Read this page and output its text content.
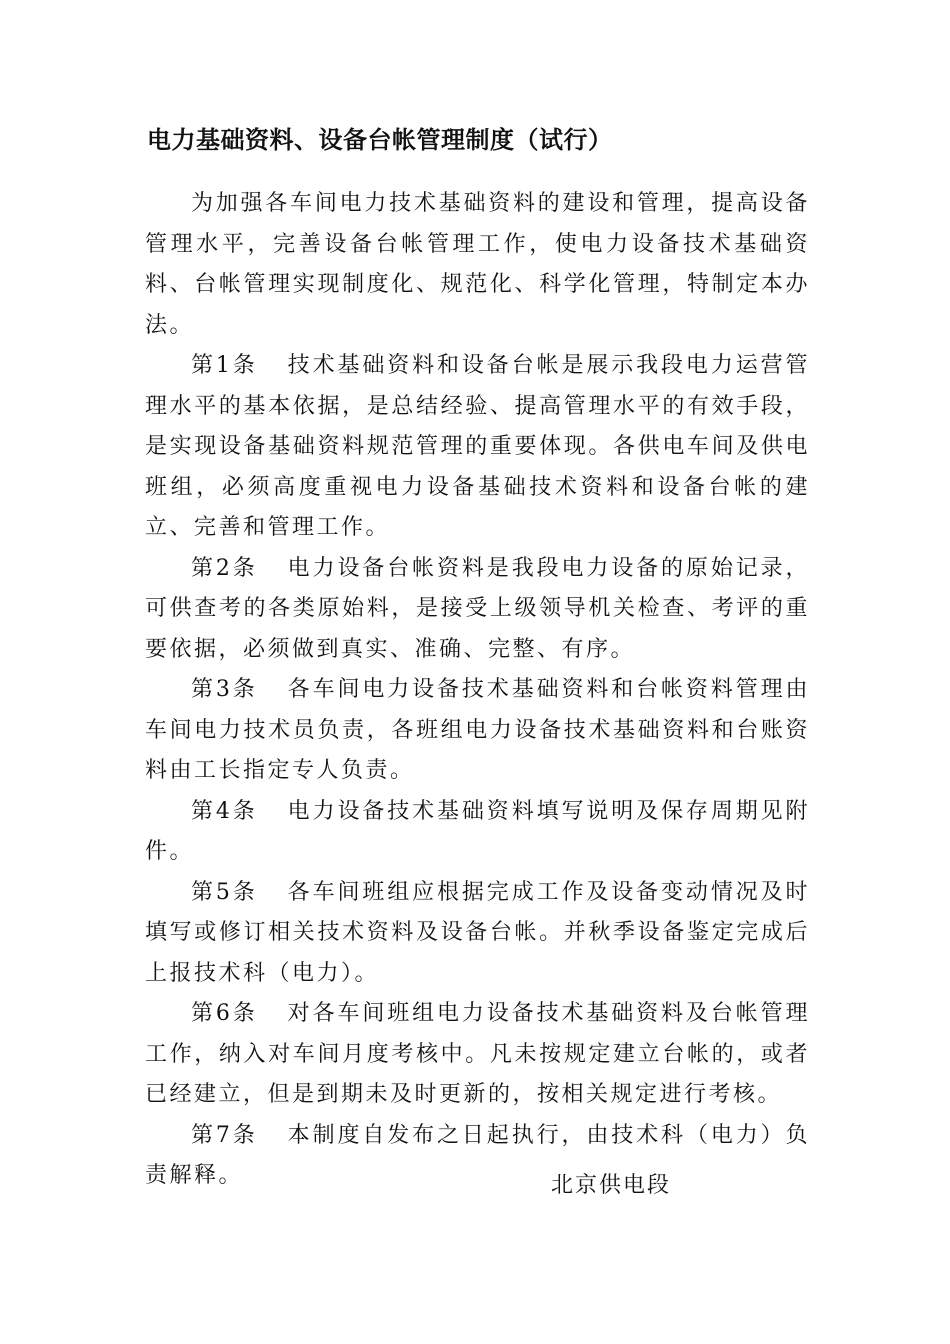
电力基础资料、设备台帐管理制度（试行）

为加强各车间电力技术基础资料的建设和管理，提高设备管理水平，完善设备台帐管理工作，使电力设备技术基础资料、台帐管理实现制度化、规范化、科学化管理，特制定本办法。

第1条 技术基础资料和设备台帐是展示我段电力运营管理水平的基本依据，是总结经验、提高管理水平的有效手段，是实现设备基础资料规范管理的重要体现。各供电车间及供电班组，必须高度重视电力设备基础技术资料和设备台帐的建立、完善和管理工作。

第2条 电力设备台帐资料是我段电力设备的原始记录，可供查考的各类原始料，是接受上级领导机关检查、考评的重要依据，必须做到真实、准确、完整、有序。

第3条 各车间电力设备技术基础资料和台帐资料管理由车间电力技术员负责，各班组电力设备技术基础资料和台账资料由工长指定专人负责。

第4条 电力设备技术基础资料填写说明及保存周期见附件。

第5条 各车间班组应根据完成工作及设备变动情况及时填写或修订相关技术资料及设备台帐。并秋季设备鉴定完成后上报技术科（电力）。

第6条 对各车间班组电力设备技术基础资料及台帐管理工作，纳入对车间月度考核中。凡未按规定建立台帐的，或者已经建立，但是到期未及时更新的，按相关规定进行考核。

第7条 本制度自发布之日起执行，由技术科（电力）负责解释。	北京供电段
